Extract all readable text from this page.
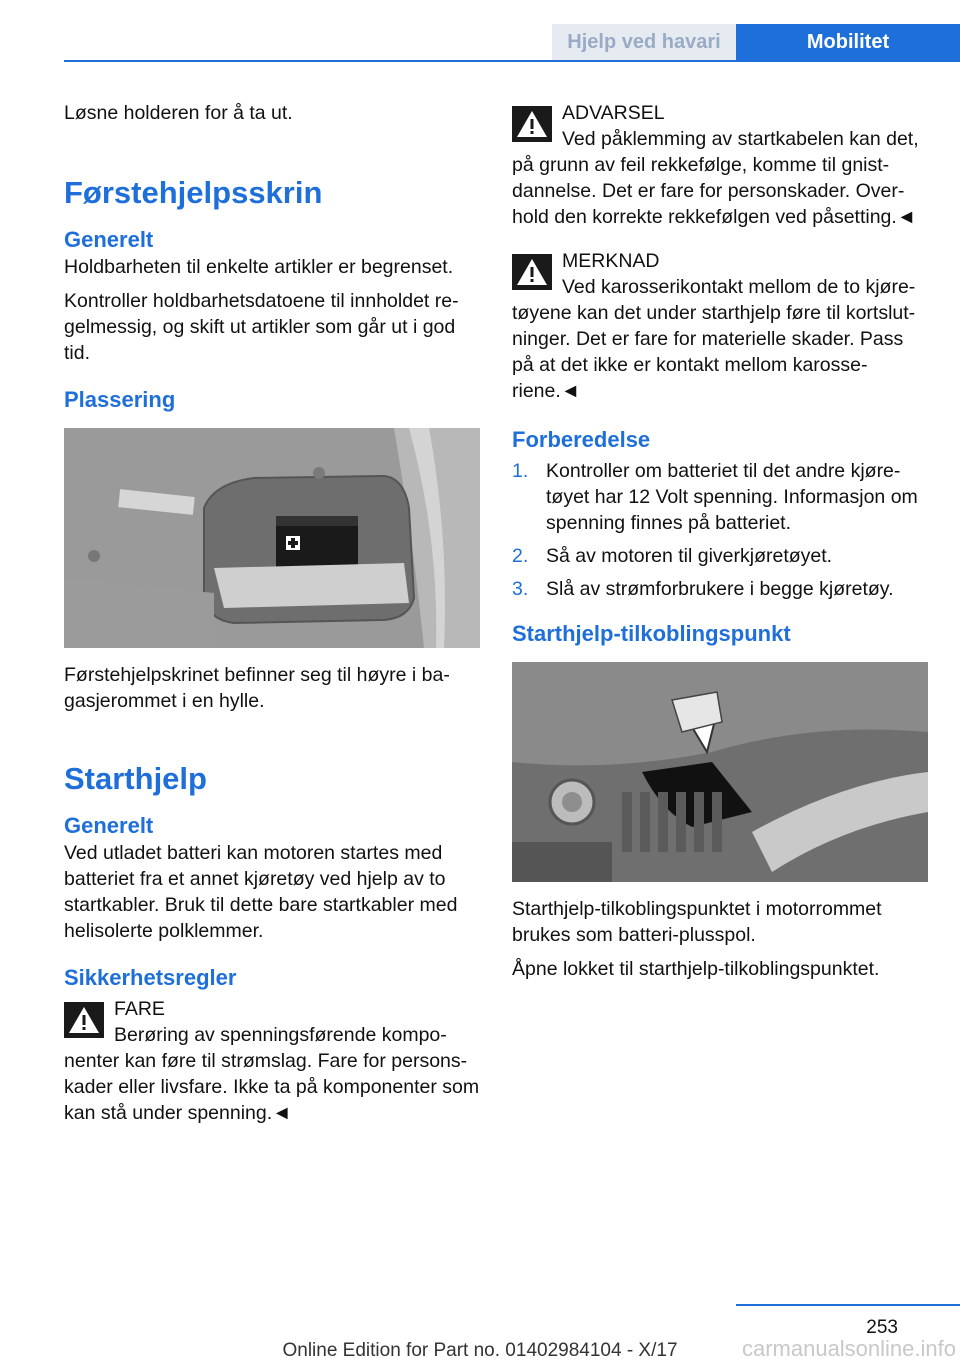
Hjelp ved havari	Mobilitet

Løsne holderen for å ta ut.

Førstehjelpsskrin
Generelt

Holdbarheten til enkelte artikler er begrenset.

Kontroller holdbarhetsdatoene til innholdet re-gelmessig, og skift ut artikler som går ut i god tid.

Plassering

Førstehjelpskrinet befinner seg til høyre i ba-gasjerommet i en hylle.

Starthjelp
Generelt

Ved utladet batteri kan motoren startes med batteriet fra et annet kjøretøy ved hjelp av to startkabler. Bruk til dette bare startkabler med helisolerte polklemmer.

Sikkerhetsregler
FARE
Berøring av spenningsførende kompo-nenter kan føre til strømslag. Fare for persons-kader eller livsfare. Ikke ta på komponenter som kan stå under spenning.◄
ADVARSEL
Ved påklemming av startkabelen kan det, på grunn av feil rekkefølge, komme til gnist-dannelse. Det er fare for personskader. Over-hold den korrekte rekkefølgen ved påsetting.◄
MERKNAD
Ved karosserikontakt mellom de to kjøre-tøyene kan det under starthjelp føre til kortslut-ninger. Det er fare for materielle skader. Pass på at det ikke er kontakt mellom karosse-riene.◄
Forberedelse
1. Kontroller om batteriet til det andre kjøre-tøyet har 12 Volt spenning. Informasjon om spenning finnes på batteriet.
2. Så av motoren til giverkjøretøyet.
3. Slå av strømforbrukere i begge kjøretøy.
Starthjelp-tilkoblingspunkt

Starthjelp-tilkoblingspunktet i motorrommet brukes som batteri-plusspol.

Åpne lokket til starthjelp-tilkoblingspunktet.

253
carmanualsonline.info
Online Edition for Part no. 01402984104 - X/17
